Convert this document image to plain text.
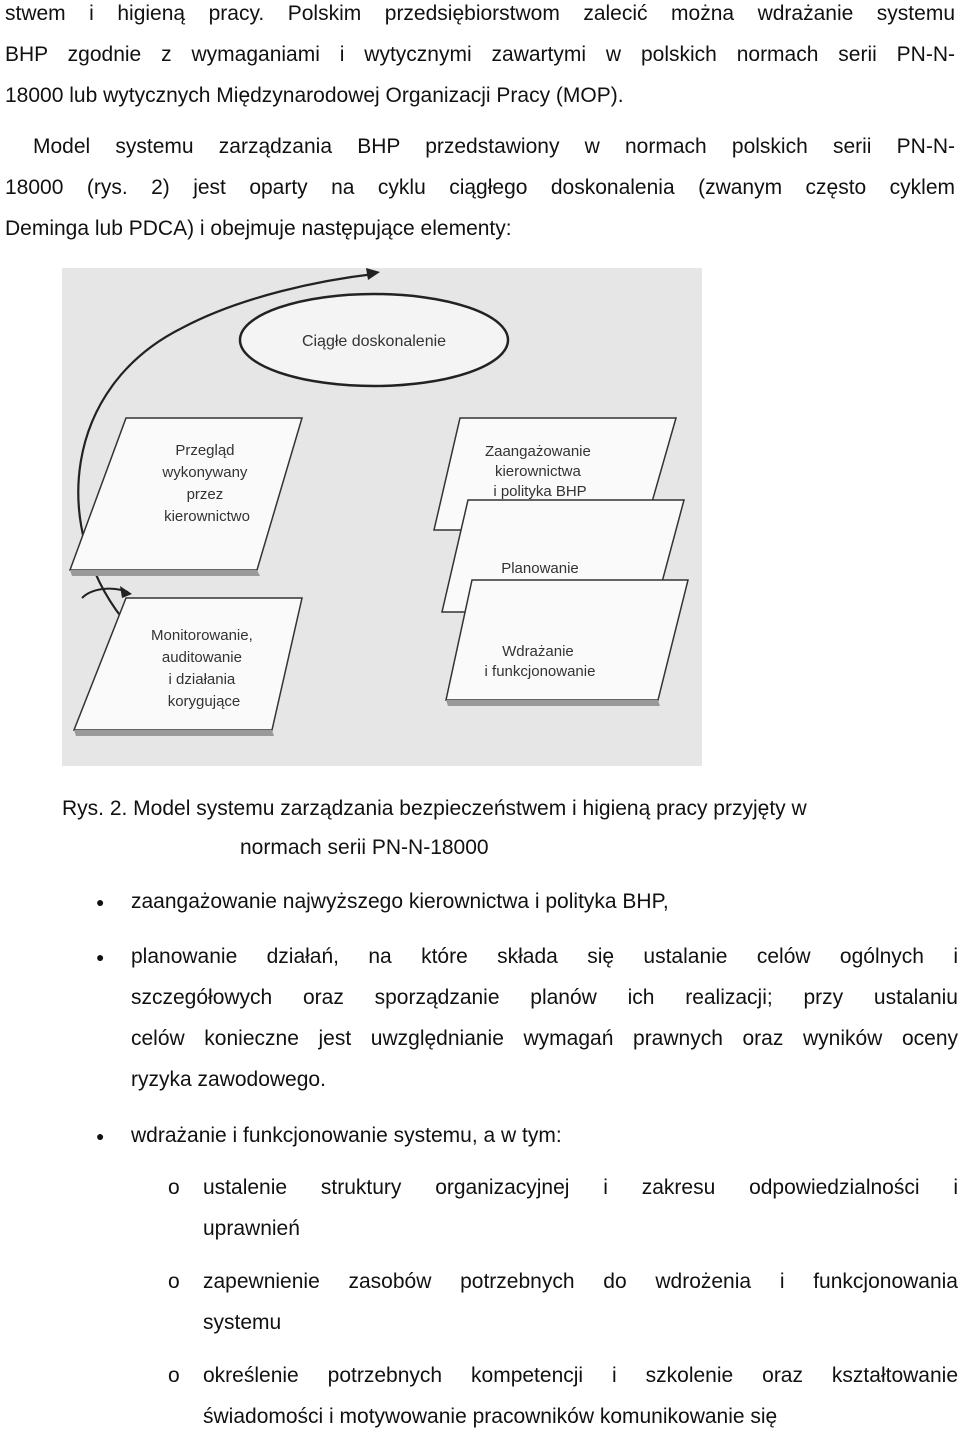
stwem i higieną pracy. Polskim przedsiębiorstwom zalecić można wdrażanie systemu
BHP zgodnie z wymaganiami i wytycznymi zawartymi w polskich normach serii PN-N-
18000 lub wytycznych Międzynarodowej Organizacji Pracy (MOP).

Model systemu zarządzania BHP przedstawiony w normach polskich serii PN-N-
18000 (rys. 2) jest oparty na cyklu ciągłego doskonalenia (zwanym często cyklem
Deminga lub PDCA) i obejmuje następujące elementy:

Ciągłe doskonalenie
Przegląd wykonywany przez kierownictwo
Monitorowanie, auditowanie i działania korygujące
Zaangażowanie kierownictwa i polityka BHP
Planowanie
Wdrażanie i funkcjonowanie
Rys. 2. Model systemu zarządzania bezpieczeństwem i higieną pracy przyjęty w
normach serii PN-N-18000
● zaangażowanie najwyższego kierownictwa i polityka BHP,

● planowanie działań, na które składa się ustalanie celów ogólnych i
szczegółowych oraz sporządzanie planów ich realizacji; przy ustalaniu
celów konieczne jest uwzględnianie wymagań prawnych oraz wyników oceny
ryzyka zawodowego.

● wdrażanie i funkcjonowanie systemu, a w tym:

o ustalenie struktury organizacyjnej i zakresu odpowiedzialności i
uprawnień

o zapewnienie zasobów potrzebnych do wdrożenia i funkcjonowania
systemu

o określenie potrzebnych kompetencji i szkolenie oraz kształtowanie
świadomości i motywowanie pracowników komunikowanie się
